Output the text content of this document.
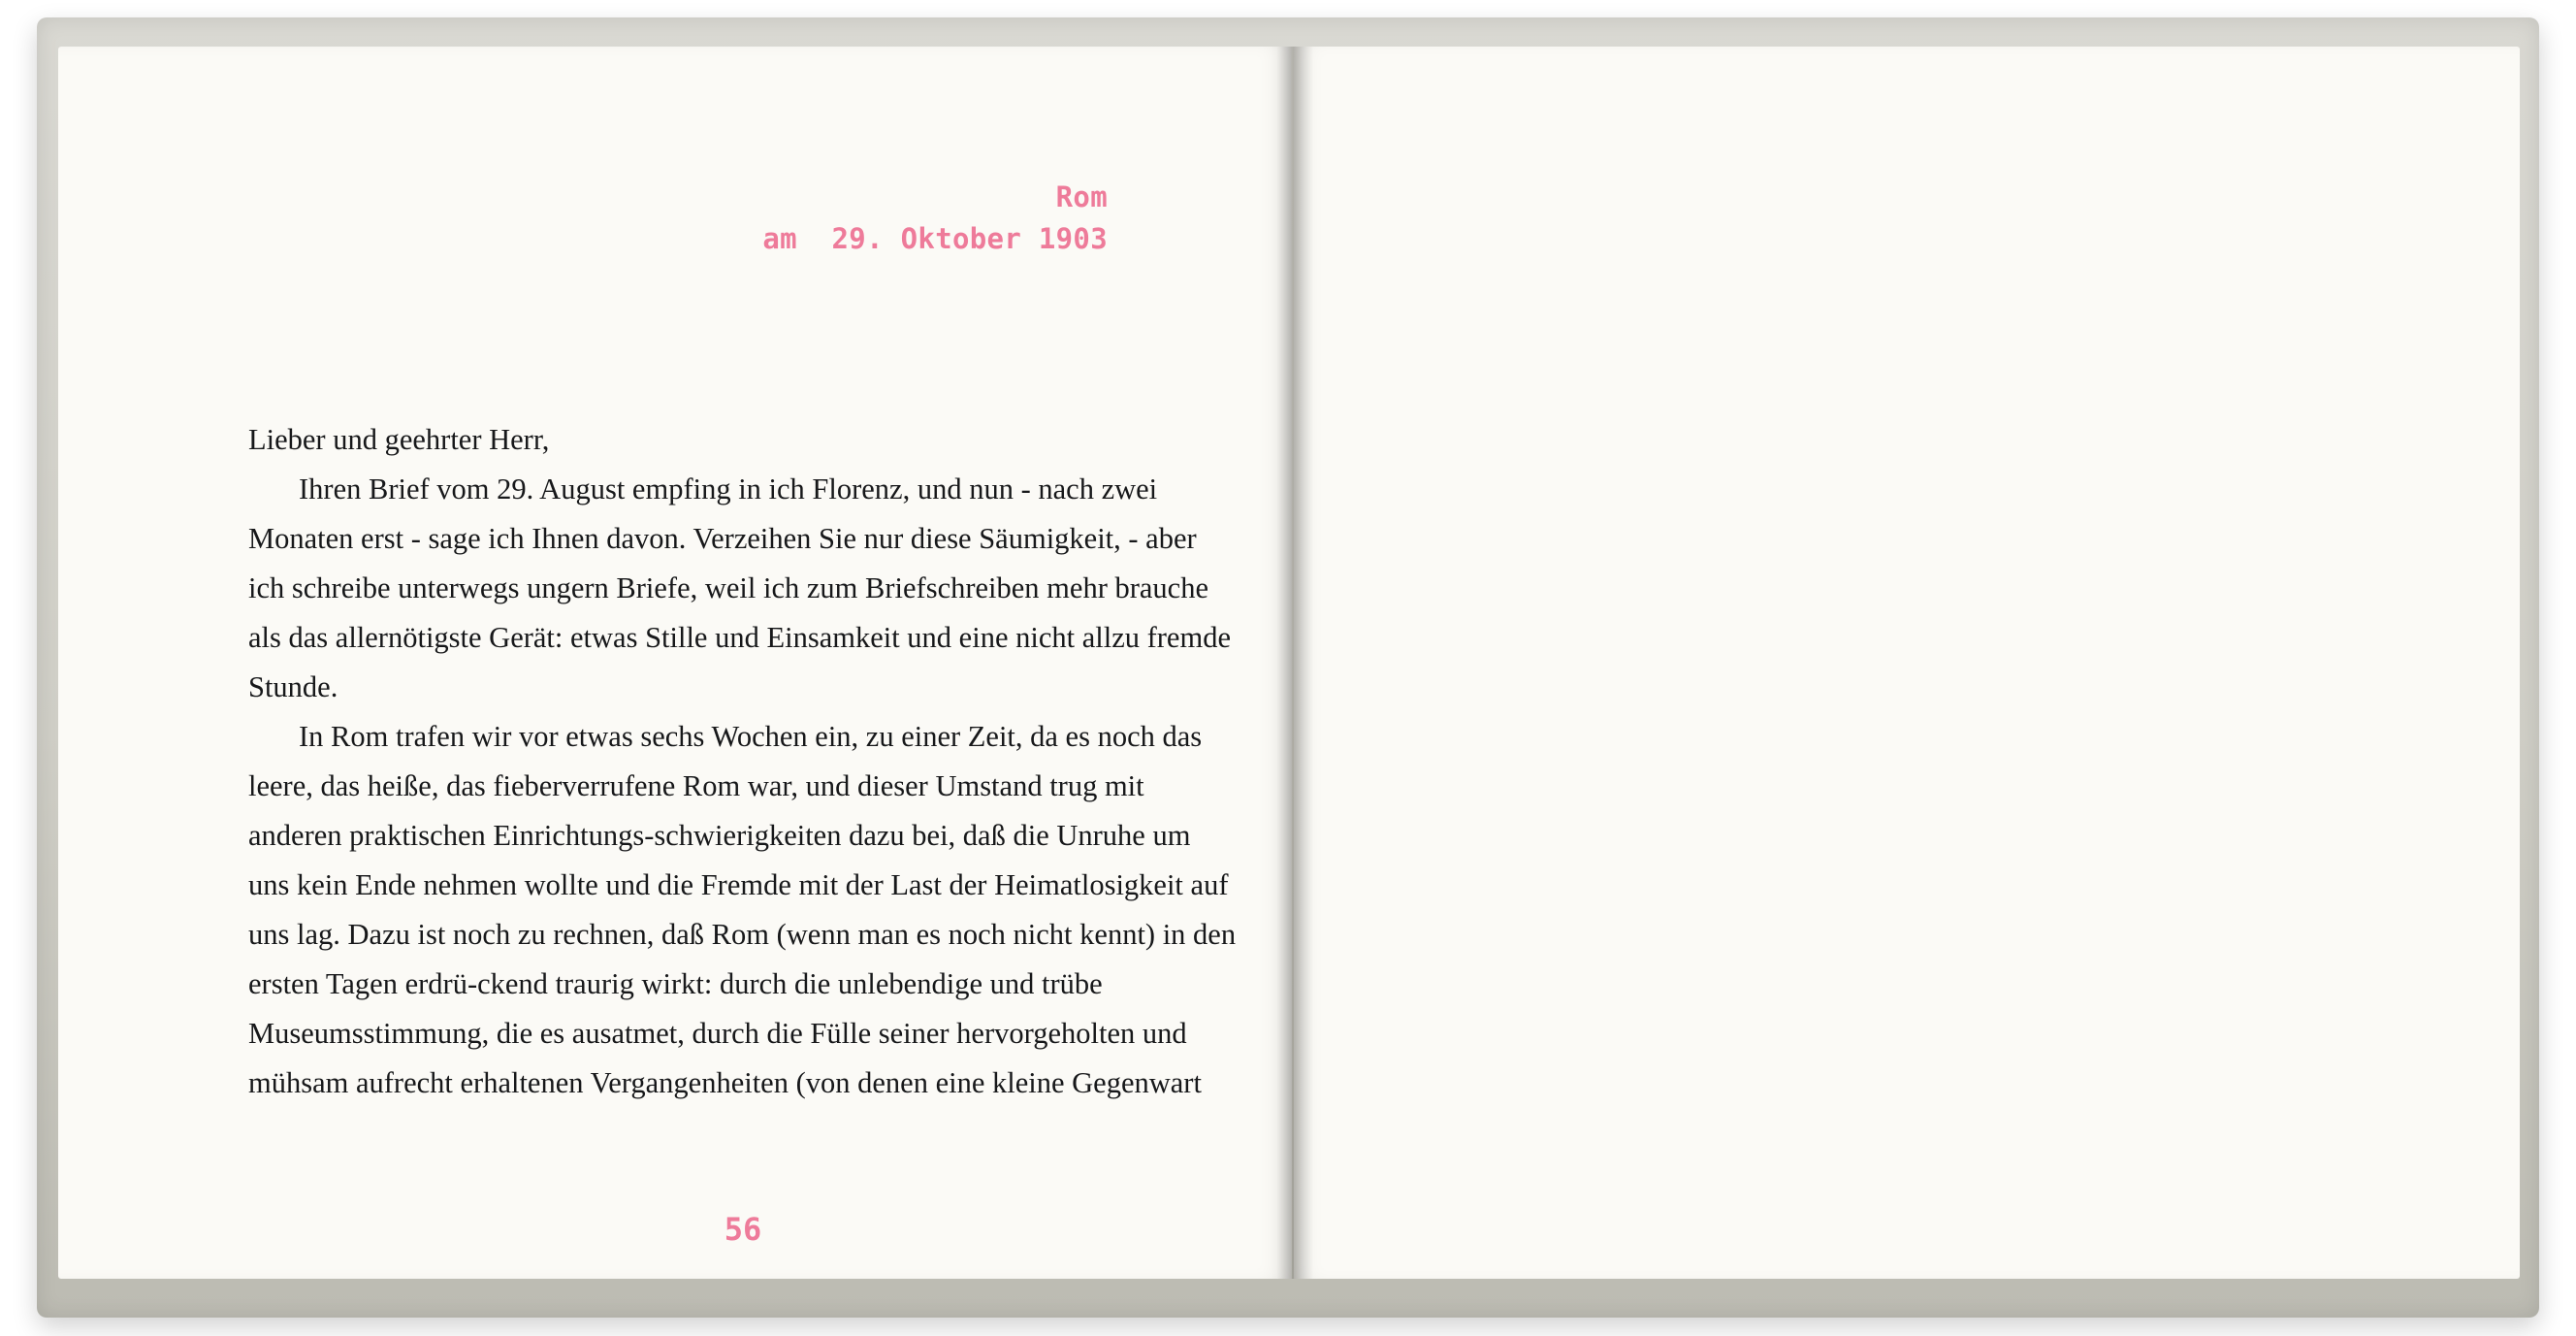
Rom
am  29. Oktober 1903

Lieber und geehrter Herr,

Ihren Brief vom 29. August empfing in ich Florenz, und nun - nach zwei Monaten erst - sage ich Ihnen davon. Verzeihen Sie nur diese Säumigkeit, - aber ich schreibe unterwegs ungern Briefe, weil ich zum Briefschreiben mehr brauche als das allernötigste Gerät: etwas Stille und Einsamkeit und eine nicht allzu fremde Stunde.

In Rom trafen wir vor etwas sechs Wochen ein, zu einer Zeit, da es noch das leere, das heiße, das fieberverrufene Rom war, und dieser Umstand trug mit anderen praktischen Einrichtungs-schwierigkeiten dazu bei, daß die Unruhe um uns kein Ende nehmen wollte und die Fremde mit der Last der Heimatlosigkeit auf uns lag. Dazu ist noch zu rechnen, daß Rom (wenn man es noch nicht kennt) in den ersten Tagen erdrü-ckend traurig wirkt: durch die unlebendige und trübe Museumsstimmung, die es ausatmet, durch die Fülle seiner hervorgeholten und mühsam aufrecht erhaltenen Vergangenheiten (von denen eine kleine Gegenwart

56
